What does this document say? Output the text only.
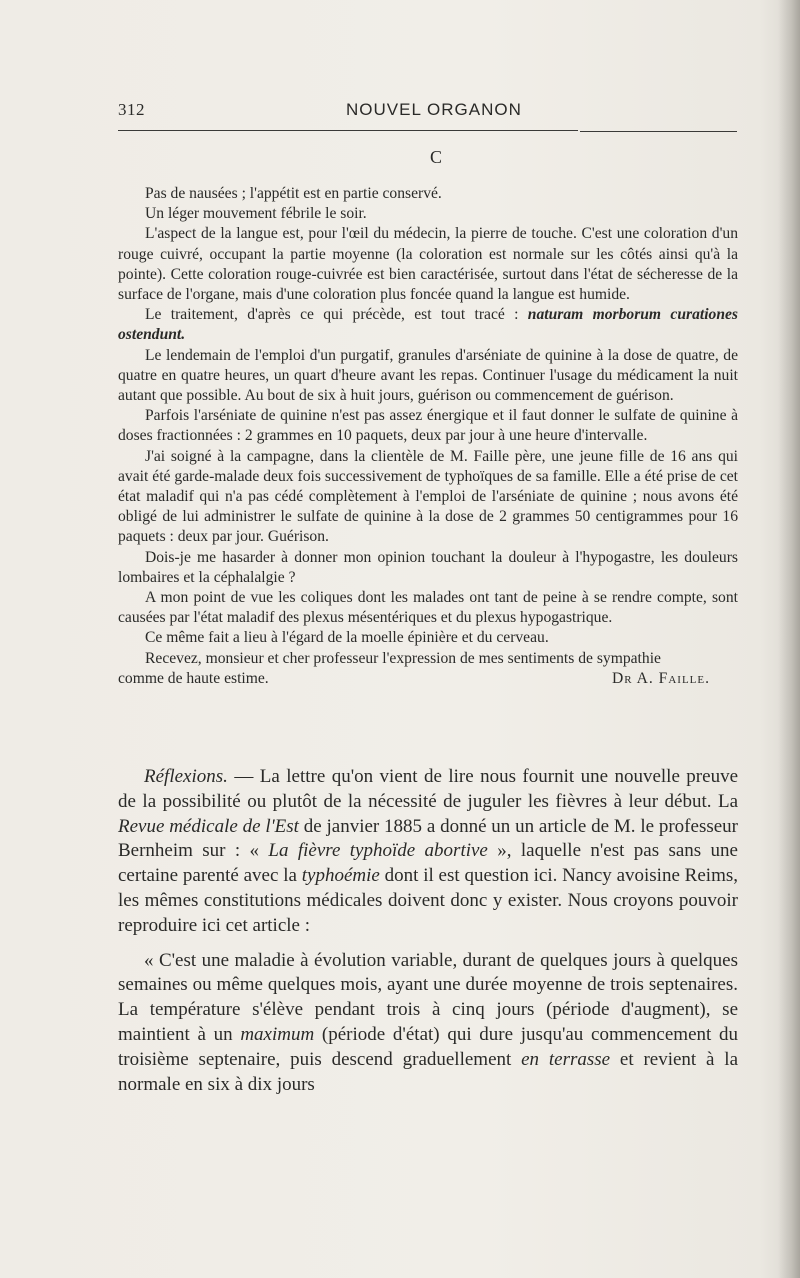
312	NOUVEL ORGANON
C

Pas de nausées ; l'appétit est en partie conservé.

Un léger mouvement fébrile le soir.

L'aspect de la langue est, pour l'œil du médecin, la pierre de touche. C'est une coloration d'un rouge cuivré, occupant la partie moyenne (la coloration est normale sur les côtés ainsi qu'à la pointe). Cette coloration rouge-cuivrée est bien caractérisée, surtout dans l'état de sécheresse de la surface de l'organe, mais d'une coloration plus foncée quand la langue est humide.

Le traitement, d'après ce qui précède, est tout tracé : naturam morborum curationes ostendunt.

Le lendemain de l'emploi d'un purgatif, granules d'arséniate de quinine à la dose de quatre, de quatre en quatre heures, un quart d'heure avant les repas. Continuer l'usage du médicament la nuit autant que possible. Au bout de six à huit jours, guérison ou commencement de guérison.

Parfois l'arséniate de quinine n'est pas assez énergique et il faut donner le sulfate de quinine à doses fractionnées : 2 grammes en 10 paquets, deux par jour à une heure d'intervalle.

J'ai soigné à la campagne, dans la clientèle de M. Faille père, une jeune fille de 16 ans qui avait été garde-malade deux fois successivement de typhoïques de sa famille. Elle a été prise de cet état maladif qui n'a pas cédé complètement à l'emploi de l'arséniate de quinine ; nous avons été obligé de lui administrer le sulfate de quinine à la dose de 2 grammes 50 centigrammes pour 16 paquets : deux par jour. Guérison.

Dois-je me hasarder à donner mon opinion touchant la douleur à l'hypogastre, les douleurs lombaires et la céphalalgie ?

A mon point de vue les coliques dont les malades ont tant de peine à se rendre compte, sont causées par l'état maladif des plexus mésentériques et du plexus hypogastrique.

Ce même fait a lieu à l'égard de la moelle épinière et du cerveau.

Recevez, monsieur et cher professeur l'expression de mes sentiments de sympathie

comme de haute estime.	Dr A. Faille.

Réflexions. — La lettre qu'on vient de lire nous fournit une nouvelle preuve de la possibilité ou plutôt de la nécessité de juguler les fièvres à leur début. La Revue médicale de l'Est de janvier 1885 a donné un un article de M. le professeur Bernheim sur : « La fièvre typhoïde abortive », laquelle n'est pas sans une certaine parenté avec la typhoémie dont il est question ici. Nancy avoisine Reims, les mêmes constitutions médicales doivent donc y exister. Nous croyons pouvoir reproduire ici cet article :

« C'est une maladie à évolution variable, durant de quelques jours à quelques semaines ou même quelques mois, ayant une durée moyenne de trois septenaires. La température s'élève pendant trois à cinq jours (période d'augment), se maintient à un maximum (période d'état) qui dure jusqu'au commencement du troisième septenaire, puis descend graduellement en terrasse et revient à la normale en six à dix jours
